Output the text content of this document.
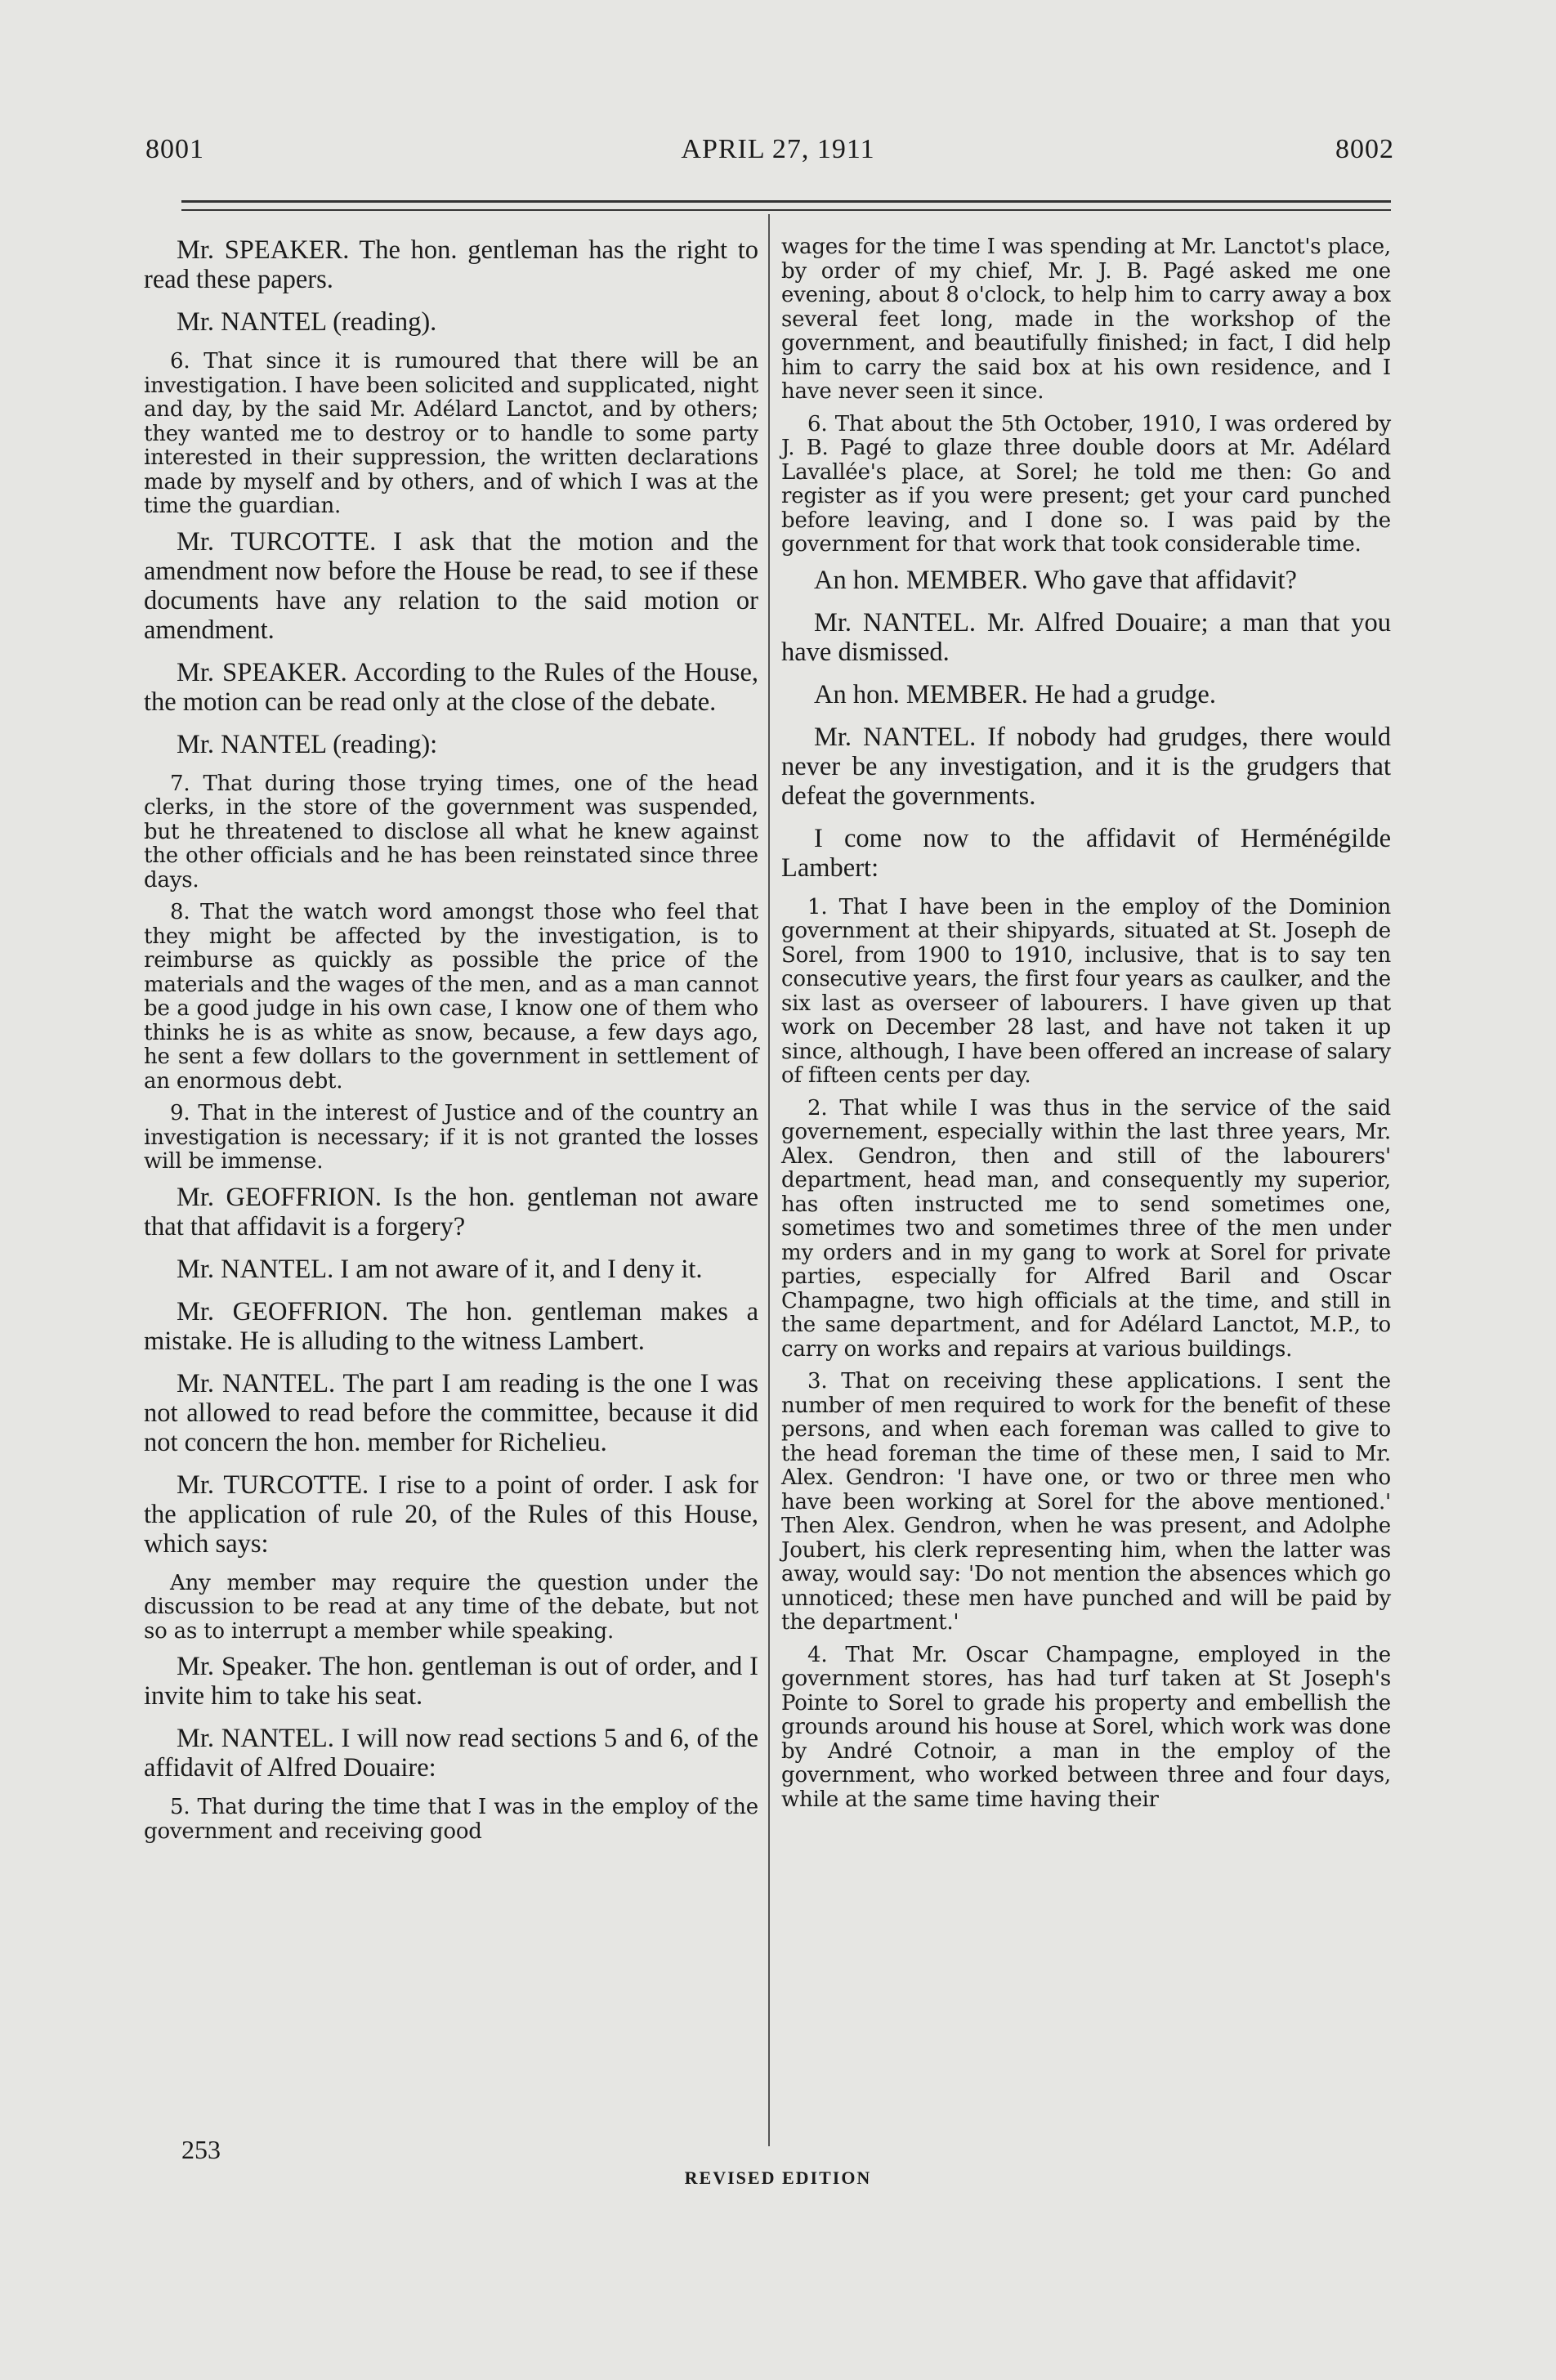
8001	APRIL 27, 1911	8002

Mr. SPEAKER. The hon. gentleman has the right to read these papers.

Mr. NANTEL (reading).

6. That since it is rumoured that there will be an investigation. I have been solicited and supplicated, night and day, by the said Mr. Adélard Lanctot, and by others; they wanted me to destroy or to handle to some party interested in their suppression, the written declarations made by myself and by others, and of which I was at the time the guardian.

Mr. TURCOTTE. I ask that the motion and the amendment now before the House be read, to see if these documents have any relation to the said motion or amendment.

Mr. SPEAKER. According to the Rules of the House, the motion can be read only at the close of the debate.

Mr. NANTEL (reading):

7. That during those trying times, one of the head clerks, in the store of the government was suspended, but he threatened to disclose all what he knew against the other officials and he has been reinstated since three days.

8. That the watch word amongst those who feel that they might be affected by the investigation, is to reimburse as quickly as possible the price of the materials and the wages of the men, and as a man cannot be a good judge in his own case, I know one of them who thinks he is as white as snow, because, a few days ago, he sent a few dollars to the government in settlement of an enormous debt.

9. That in the interest of Justice and of the country an investigation is necessary; if it is not granted the losses will be immense.

Mr. GEOFFRION. Is the hon. gentleman not aware that that affidavit is a forgery?

Mr. NANTEL. I am not aware of it, and I deny it.

Mr. GEOFFRION. The hon. gentleman makes a mistake. He is alluding to the witness Lambert.

Mr. NANTEL. The part I am reading is the one I was not allowed to read before the committee, because it did not concern the hon. member for Richelieu.

Mr. TURCOTTE. I rise to a point of order. I ask for the application of rule 20, of the Rules of this House, which says:

Any member may require the question under the discussion to be read at any time of the debate, but not so as to interrupt a member while speaking.

Mr. Speaker. The hon. gentleman is out of order, and I invite him to take his seat.

Mr. NANTEL. I will now read sections 5 and 6, of the affidavit of Alfred Douaire:

5. That during the time that I was in the employ of the government and receiving good

wages for the time I was spending at Mr. Lanctot's place, by order of my chief, Mr. J. B. Pagé asked me one evening, about 8 o'clock, to help him to carry away a box several feet long, made in the workshop of the government, and beautifully finished; in fact, I did help him to carry the said box at his own residence, and I have never seen it since.

6. That about the 5th October, 1910, I was ordered by J. B. Pagé to glaze three double doors at Mr. Adélard Lavallée's place, at Sorel; he told me then: Go and register as if you were present; get your card punched before leaving, and I done so. I was paid by the government for that work that took considerable time.

An hon. MEMBER. Who gave that affidavit?

Mr. NANTEL. Mr. Alfred Douaire; a man that you have dismissed.

An hon. MEMBER. He had a grudge.

Mr. NANTEL. If nobody had grudges, there would never be any investigation, and it is the grudgers that defeat the governments.

I come now to the affidavit of Herménégilde Lambert:

1. That I have been in the employ of the Dominion government at their shipyards, situated at St. Joseph de Sorel, from 1900 to 1910, inclusive, that is to say ten consecutive years, the first four years as caulker, and the six last as overseer of labourers. I have given up that work on December 28 last, and have not taken it up since, although, I have been offered an increase of salary of fifteen cents per day.

2. That while I was thus in the service of the said governement, especially within the last three years, Mr. Alex. Gendron, then and still of the labourers' department, head man, and consequently my superior, has often instructed me to send sometimes one, sometimes two and sometimes three of the men under my orders and in my gang to work at Sorel for private parties, especially for Alfred Baril and Oscar Champagne, two high officials at the time, and still in the same department, and for Adélard Lanctot, M.P., to carry on works and repairs at various buildings.

3. That on receiving these applications. I sent the number of men required to work for the benefit of these persons, and when each foreman was called to give to the head foreman the time of these men, I said to Mr. Alex. Gendron: 'I have one, or two or three men who have been working at Sorel for the above mentioned.' Then Alex. Gendron, when he was present, and Adolphe Joubert, his clerk representing him, when the latter was away, would say: 'Do not mention the absences which go unnoticed; these men have punched and will be paid by the department.'

4. That Mr. Oscar Champagne, employed in the government stores, has had turf taken at St Joseph's Pointe to Sorel to grade his property and embellish the grounds around his house at Sorel, which work was done by André Cotnoir, a man in the employ of the government, who worked between three and four days, while at the same time having their

253
REVISED EDITION
